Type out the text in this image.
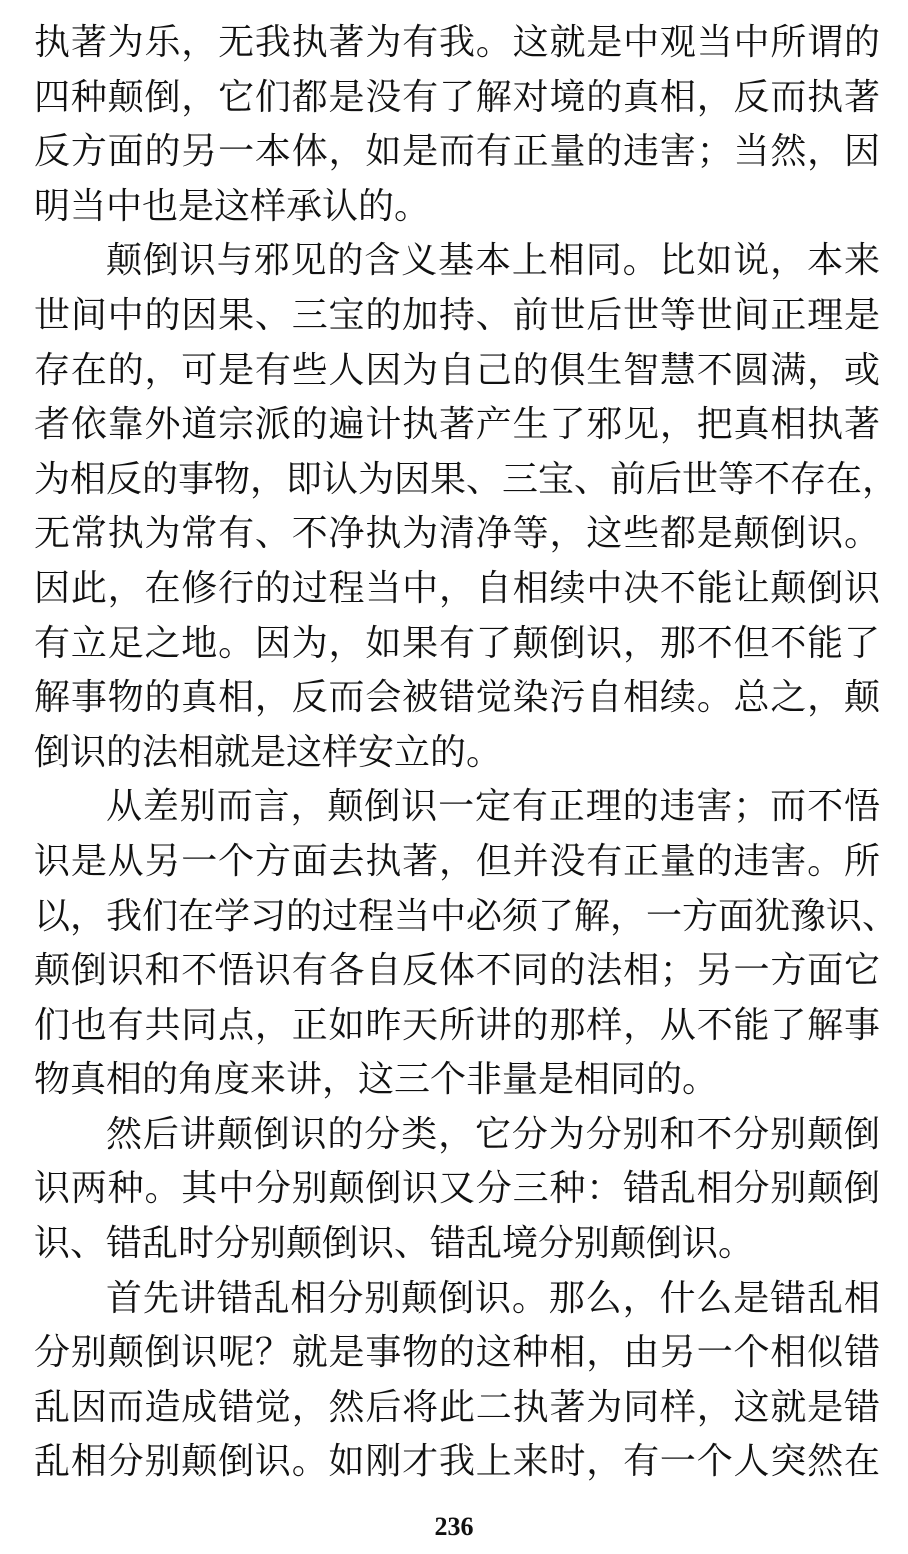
执著为乐，无我执著为有我。这就是中观当中所谓的
四种颠倒，它们都是没有了解对境的真相，反而执著
反方面的另一本体，如是而有正量的违害；当然，因
明当中也是这样承认的。
颠倒识与邪见的含义基本上相同。比如说，本来
世间中的因果、三宝的加持、前世后世等世间正理是
存在的，可是有些人因为自己的俱生智慧不圆满，或
者依靠外道宗派的遍计执著产生了邪见，把真相执著
为相反的事物，即认为因果、三宝、前后世等不存在，
无常执为常有、不净执为清净等，这些都是颠倒识。
因此，在修行的过程当中，自相续中决不能让颠倒识
有立足之地。因为，如果有了颠倒识，那不但不能了
解事物的真相，反而会被错觉染污自相续。总之，颠
倒识的法相就是这样安立的。
从差别而言，颠倒识一定有正理的违害；而不悟
识是从另一个方面去执著，但并没有正量的违害。所
以，我们在学习的过程当中必须了解，一方面犹豫识、
颠倒识和不悟识有各自反体不同的法相；另一方面它
们也有共同点，正如昨天所讲的那样，从不能了解事
物真相的角度来讲，这三个非量是相同的。
然后讲颠倒识的分类，它分为分别和不分别颠倒
识两种。其中分别颠倒识又分三种：错乱相分别颠倒
识、错乱时分别颠倒识、错乱境分别颠倒识。
首先讲错乱相分别颠倒识。那么，什么是错乱相
分别颠倒识呢？就是事物的这种相，由另一个相似错
乱因而造成错觉，然后将此二执著为同样，这就是错
乱相分别颠倒识。如刚才我上来时，有一个人突然在
236
